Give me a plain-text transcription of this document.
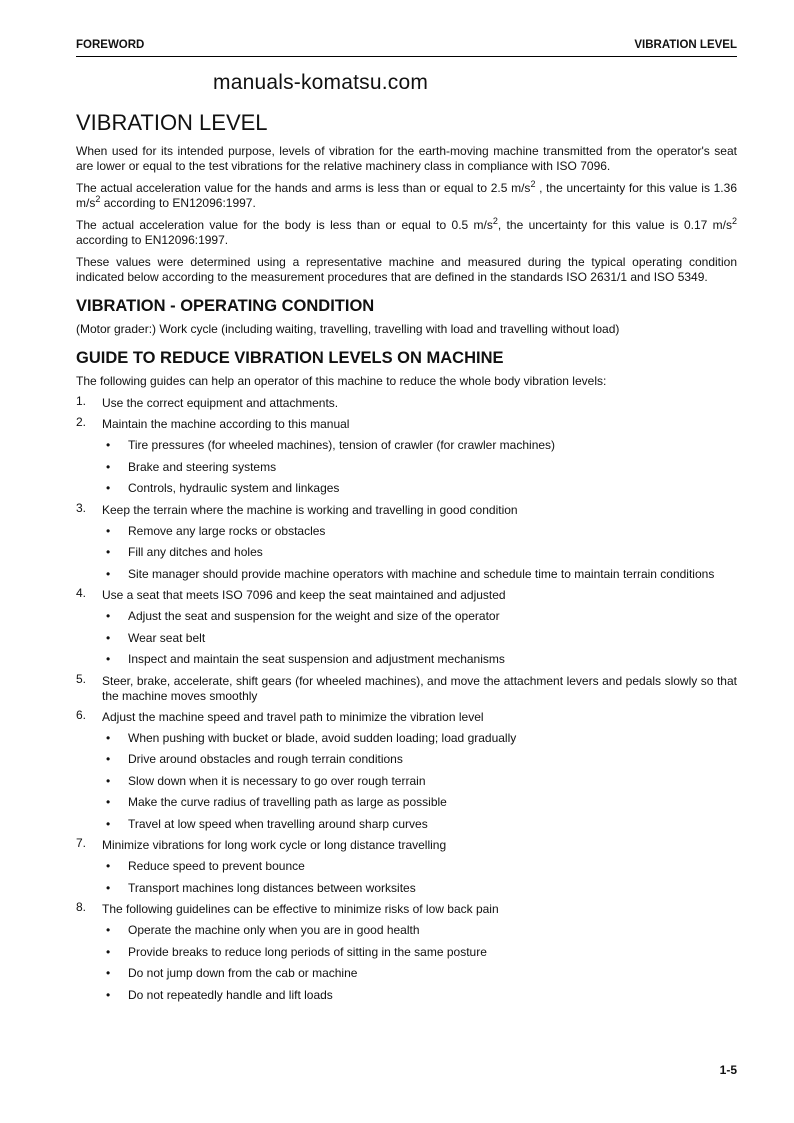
FOREWORD	VIBRATION LEVEL
manuals-komatsu.com
VIBRATION LEVEL

When used for its intended purpose, levels of vibration for the earth-moving machine transmitted from the operator's seat are lower or equal to the test vibrations for the relative machinery class in compliance with ISO 7096.

The actual acceleration value for the hands and arms is less than or equal to 2.5 $m/s^2$ , the uncertainty for this value is 1.36 $m/s^2$ according to EN12096:1997.

The actual acceleration value for the body is less than or equal to 0.5 $m/s^2$, the uncertainty for this value is 0.17 $m/s^2$ according to EN12096:1997.

These values were determined using a representative machine and measured during the typical operating condition indicated below according to the measurement procedures that are defined in the standards ISO 2631/1 and ISO 5349.

VIBRATION - OPERATING CONDITION

(Motor grader:) Work cycle (including waiting, travelling, travelling with load and travelling without load)

GUIDE TO REDUCE VIBRATION LEVELS ON MACHINE

The following guides can help an operator of this machine to reduce the whole body vibration levels:

1. Use the correct equipment and attachments.
2. Maintain the machine according to this manual
• Tire pressures (for wheeled machines), tension of crawler (for crawler machines)
• Brake and steering systems
• Controls, hydraulic system and linkages
3. Keep the terrain where the machine is working and travelling in good condition
• Remove any large rocks or obstacles
• Fill any ditches and holes
• Site manager should provide machine operators with machine and schedule time to maintain terrain conditions
4. Use a seat that meets ISO 7096 and keep the seat maintained and adjusted
• Adjust the seat and suspension for the weight and size of the operator
• Wear seat belt
• Inspect and maintain the seat suspension and adjustment mechanisms
5. Steer, brake, accelerate, shift gears (for wheeled machines), and move the attachment levers and pedals slowly so that the machine moves smoothly
6. Adjust the machine speed and travel path to minimize the vibration level
• When pushing with bucket or blade, avoid sudden loading; load gradually
• Drive around obstacles and rough terrain conditions
• Slow down when it is necessary to go over rough terrain
• Make the curve radius of travelling path as large as possible
• Travel at low speed when travelling around sharp curves
7. Minimize vibrations for long work cycle or long distance travelling
• Reduce speed to prevent bounce
• Transport machines long distances between worksites
8. The following guidelines can be effective to minimize risks of low back pain
• Operate the machine only when you are in good health
• Provide breaks to reduce long periods of sitting in the same posture
• Do not jump down from the cab or machine
• Do not repeatedly handle and lift loads
1-5
